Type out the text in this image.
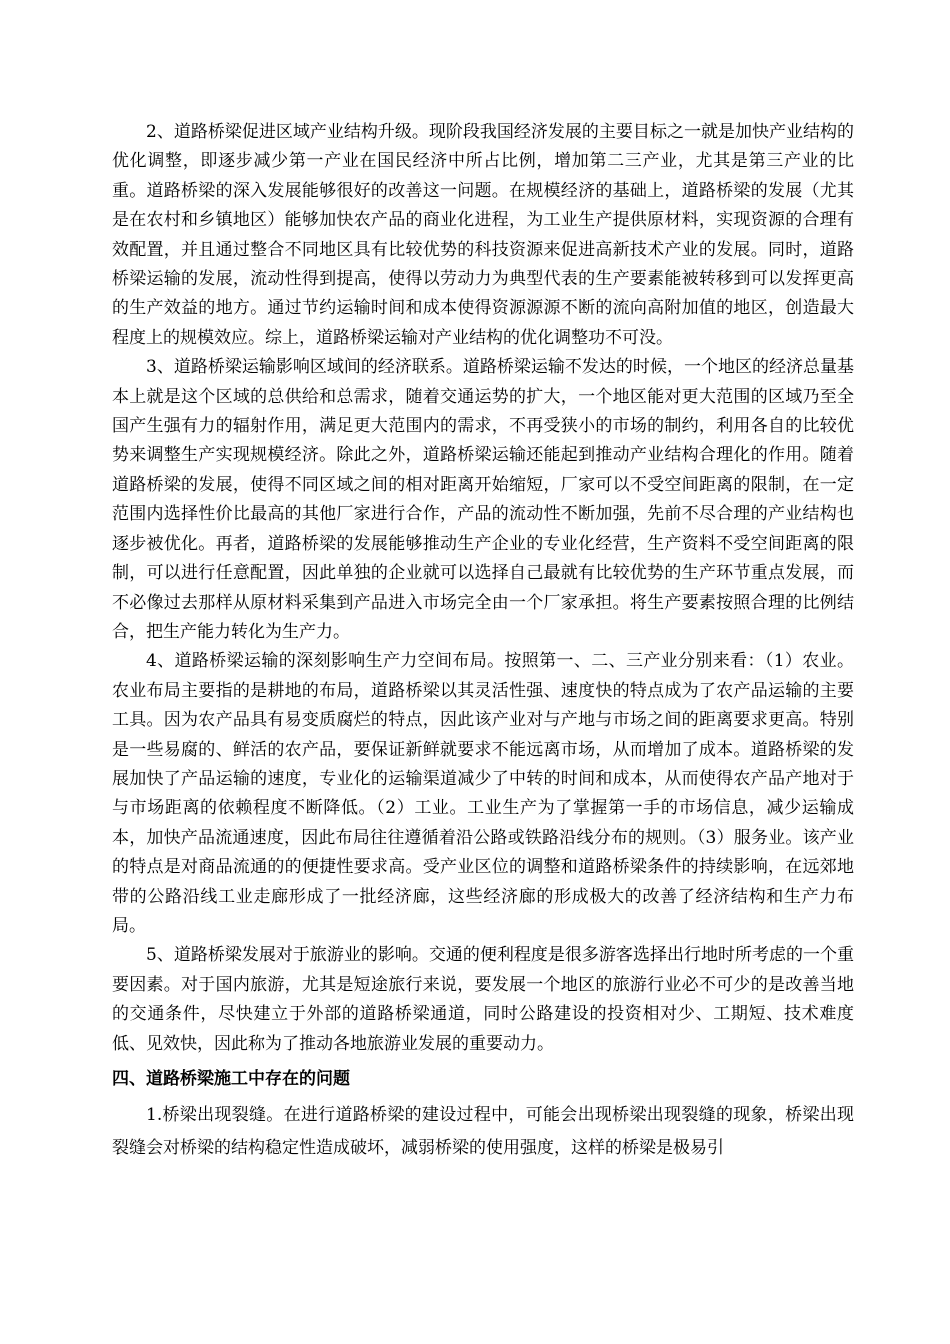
2、道路桥梁促进区域产业结构升级。现阶段我国经济发展的主要目标之一就是加快产业结构的优化调整，即逐步减少第一产业在国民经济中所占比例，增加第二三产业，尤其是第三产业的比重。道路桥梁的深入发展能够很好的改善这一问题。在规模经济的基础上，道路桥梁的发展（尤其是在农村和乡镇地区）能够加快农产品的商业化进程，为工业生产提供原材料，实现资源的合理有效配置，并且通过整合不同地区具有比较优势的科技资源来促进高新技术产业的发展。同时，道路桥梁运输的发展，流动性得到提高，使得以劳动力为典型代表的生产要素能被转移到可以发挥更高的生产效益的地方。通过节约运输时间和成本使得资源源源不断的流向高附加值的地区，创造最大程度上的规模效应。综上，道路桥梁运输对产业结构的优化调整功不可没。

3、道路桥梁运输影响区域间的经济联系。道路桥梁运输不发达的时候，一个地区的经济总量基本上就是这个区域的总供给和总需求，随着交通运势的扩大，一个地区能对更大范围的区域乃至全国产生强有力的辐射作用，满足更大范围内的需求，不再受狭小的市场的制约，利用各自的比较优势来调整生产实现规模经济。除此之外，道路桥梁运输还能起到推动产业结构合理化的作用。随着道路桥梁的发展，使得不同区域之间的相对距离开始缩短，厂家可以不受空间距离的限制，在一定范围内选择性价比最高的其他厂家进行合作，产品的流动性不断加强，先前不尽合理的产业结构也逐步被优化。再者，道路桥梁的发展能够推动生产企业的专业化经营，生产资料不受空间距离的限制，可以进行任意配置，因此单独的企业就可以选择自己最就有比较优势的生产环节重点发展，而不必像过去那样从原材料采集到产品进入市场完全由一个厂家承担。将生产要素按照合理的比例结合，把生产能力转化为生产力。

4、道路桥梁运输的深刻影响生产力空间布局。按照第一、二、三产业分别来看：（1）农业。农业布局主要指的是耕地的布局，道路桥梁以其灵活性强、速度快的特点成为了农产品运输的主要工具。因为农产品具有易变质腐烂的特点，因此该产业对与产地与市场之间的距离要求更高。特别是一些易腐的、鲜活的农产品，要保证新鲜就要求不能远离市场，从而增加了成本。道路桥梁的发展加快了产品运输的速度，专业化的运输渠道减少了中转的时间和成本，从而使得农产品产地对于与市场距离的依赖程度不断降低。（2）工业。工业生产为了掌握第一手的市场信息，减少运输成本，加快产品流通速度，因此布局往往遵循着沿公路或铁路沿线分布的规则。（3）服务业。该产业的特点是对商品流通的的便捷性要求高。受产业区位的调整和道路桥梁条件的持续影响，在远郊地带的公路沿线工业走廊形成了一批经济廊，这些经济廊的形成极大的改善了经济结构和生产力布局。

5、道路桥梁发展对于旅游业的影响。交通的便利程度是很多游客选择出行地时所考虑的一个重要因素。对于国内旅游，尤其是短途旅行来说，要发展一个地区的旅游行业必不可少的是改善当地的交通条件，尽快建立于外部的道路桥梁通道，同时公路建设的投资相对少、工期短、技术难度低、见效快，因此称为了推动各地旅游业发展的重要动力。

四、道路桥梁施工中存在的问题

1.桥梁出现裂缝。在进行道路桥梁的建设过程中，可能会出现桥梁出现裂缝的现象，桥梁出现裂缝会对桥梁的结构稳定性造成破坏，减弱桥梁的使用强度，这样的桥梁是极易引
